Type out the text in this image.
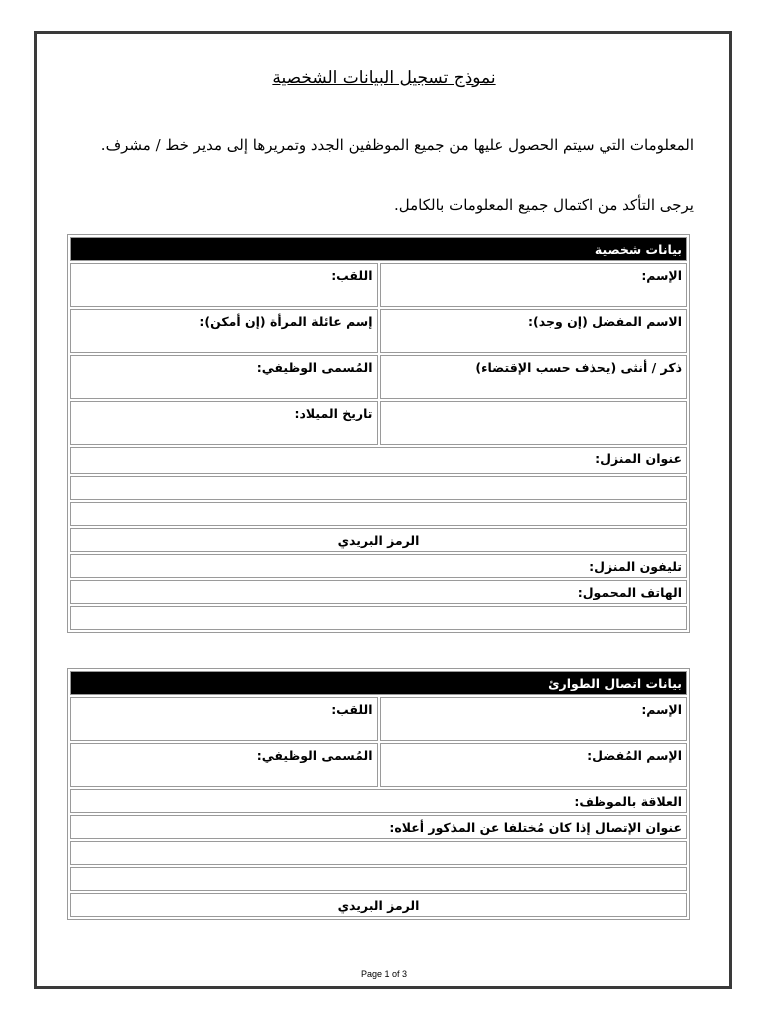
نموذج تسجيل البيانات الشخصية
المعلومات التي سيتم الحصول عليها من جميع الموظفين الجدد وتمريرها إلى مدير خط / مشرف.
يرجى التأكد من اكتمال جميع المعلومات بالكامل.
بيانات شخصية	
الإسم:	اللقب:
الاسم المفضل (إن وجد):	إسم عائلة المرأة (إن أمكن):
ذكر / أنثى (يحذف حسب الإقتضاء)	المُسمى الوظيفي:
	تاريخ الميلاد:
عنوان المنزل:	

الرمز البريدي	
تليفون المنزل:	
الهاتف المحمول:	

بيانات اتصال الطوارئ	
الإسم:	اللقب:
الإسم المُفضل:	المُسمى الوظيفي:
العلاقة بالموظف:	
عنوان الإتصال إذا كان مُختلفا عن المذكور أعلاه:	

الرمز البريدي	
Page 1 of 3
